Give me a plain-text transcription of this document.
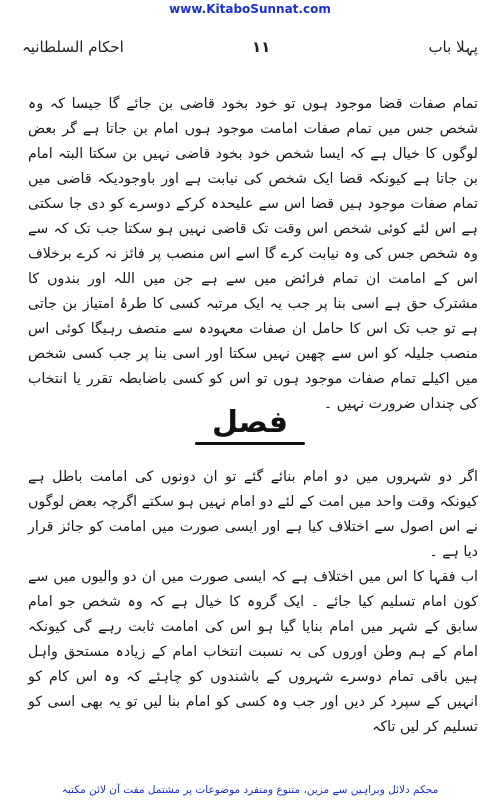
www.KitaboSunnat.com
احکام السلطانیہ	۱۱	پہلا باب

تمام صفات قضا موجود ہوں تو خود بخود قاضی بن جائے گا جیسا کہ وہ شخص جس میں تمام صفات امامت موجود ہوں امام بن جاتا ہے گر بعض لوگوں کا خیال ہے کہ ایسا شخص خود بخود قاضی نہیں بن سکتا البتہ امام بن جاتا ہے کیونکہ قضا ایک شخص کی نیابت ہے اور باوجودیکہ قاضی میں تمام صفات موجود ہیں قضا اس سے علیحدہ کرکے دوسرے کو دی جا سکتی ہے اس لئے کوئی شخص اس وقت تک قاضی نہیں ہو سکتا جب تک کہ سے وہ شخص جس کی وہ نیابت کرے گا اسے اس منصب پر فائز نہ کرے برخلاف اس کے امامت ان تمام فرائض میں سے ہے جن میں اللہ اور بندوں کا مشترک حق ہے اسی بنا پر جب یہ ایک مرتبہ کسی کا طرۂ امتیاز بن جاتی ہے تو جب تک اس کا حامل ان صفات معہودہ سے متصف رہیگا کوئی اس منصب جلیلہ کو اس سے چھین نہیں سکتا اور اسی بنا پر جب کسی شخص میں اکیلے تمام صفات موجود ہوں تو اس کو کسی باضابطہ تقرر یا انتخاب کی چنداں ضرورت نہیں ۔

فصل

اگر دو شہروں میں دو امام بنائے گئے تو ان دونوں کی امامت باطل ہے کیونکہ وقت واحد میں امت کے لئے دو امام نہیں ہو سکتے اگرچہ بعض لوگوں نے اس اصول سے اختلاف کیا ہے اور ایسی صورت میں امامت کو جائز قرار دیا ہے ۔

اب فقہا کا اس میں اختلاف ہے کہ ایسی صورت میں ان دو والیوں میں سے کون امام تسلیم کیا جائے ۔ ایک گروہ کا خیال ہے کہ وہ شخص جو امام سابق کے شہر میں امام بنایا گیا ہو اس کی امامت ثابت رہے گی کیونکہ امام کے ہم وطن اوروں کی بہ نسبت انتخاب امام کے زیادہ مستحق واہل ہیں باقی تمام دوسرے شہروں کے باشندوں کو چاہئے کہ وہ اس کام کو انہیں کے سپرد کر دیں اور جب وہ کسی کو امام بنا لیں تو یہ بھی اسی کو تسلیم کر لیں تاکہ

محکم دلائل وبراہین سے مزین، متنوع ومنفرد موضوعات پر مشتمل مفت آن لائن مکتبہ
